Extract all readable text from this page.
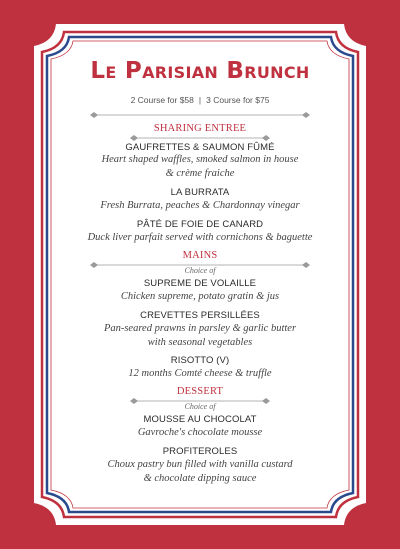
Le Parisian Brunch
2 Course for $58 | 3 Course for $75
SHARING ENTREE
GAUFRETTES & SAUMON FÛMÉ
Heart shaped waffles, smoked salmon in house
& crème fraiche
LA BURRATA
Fresh Burrata, peaches & Chardonnay vinegar
PÂTÉ DE FOIE DE CANARD
Duck liver parfait served with cornichons & baguette
MAINS
Choice of
SUPREME DE VOLAILLE
Chicken supreme, potato gratin & jus
CREVETTES PERSILLÉES
Pan-seared prawns in parsley & garlic butter
with seasonal vegetables
RISOTTO (V)
12 months Comté cheese & truffle
DESSERT
Choice of
MOUSSE AU CHOCOLAT
Gavroche's chocolate mousse
PROFITEROLES
Choux pastry bun filled with vanilla custard
& chocolate dipping sauce
